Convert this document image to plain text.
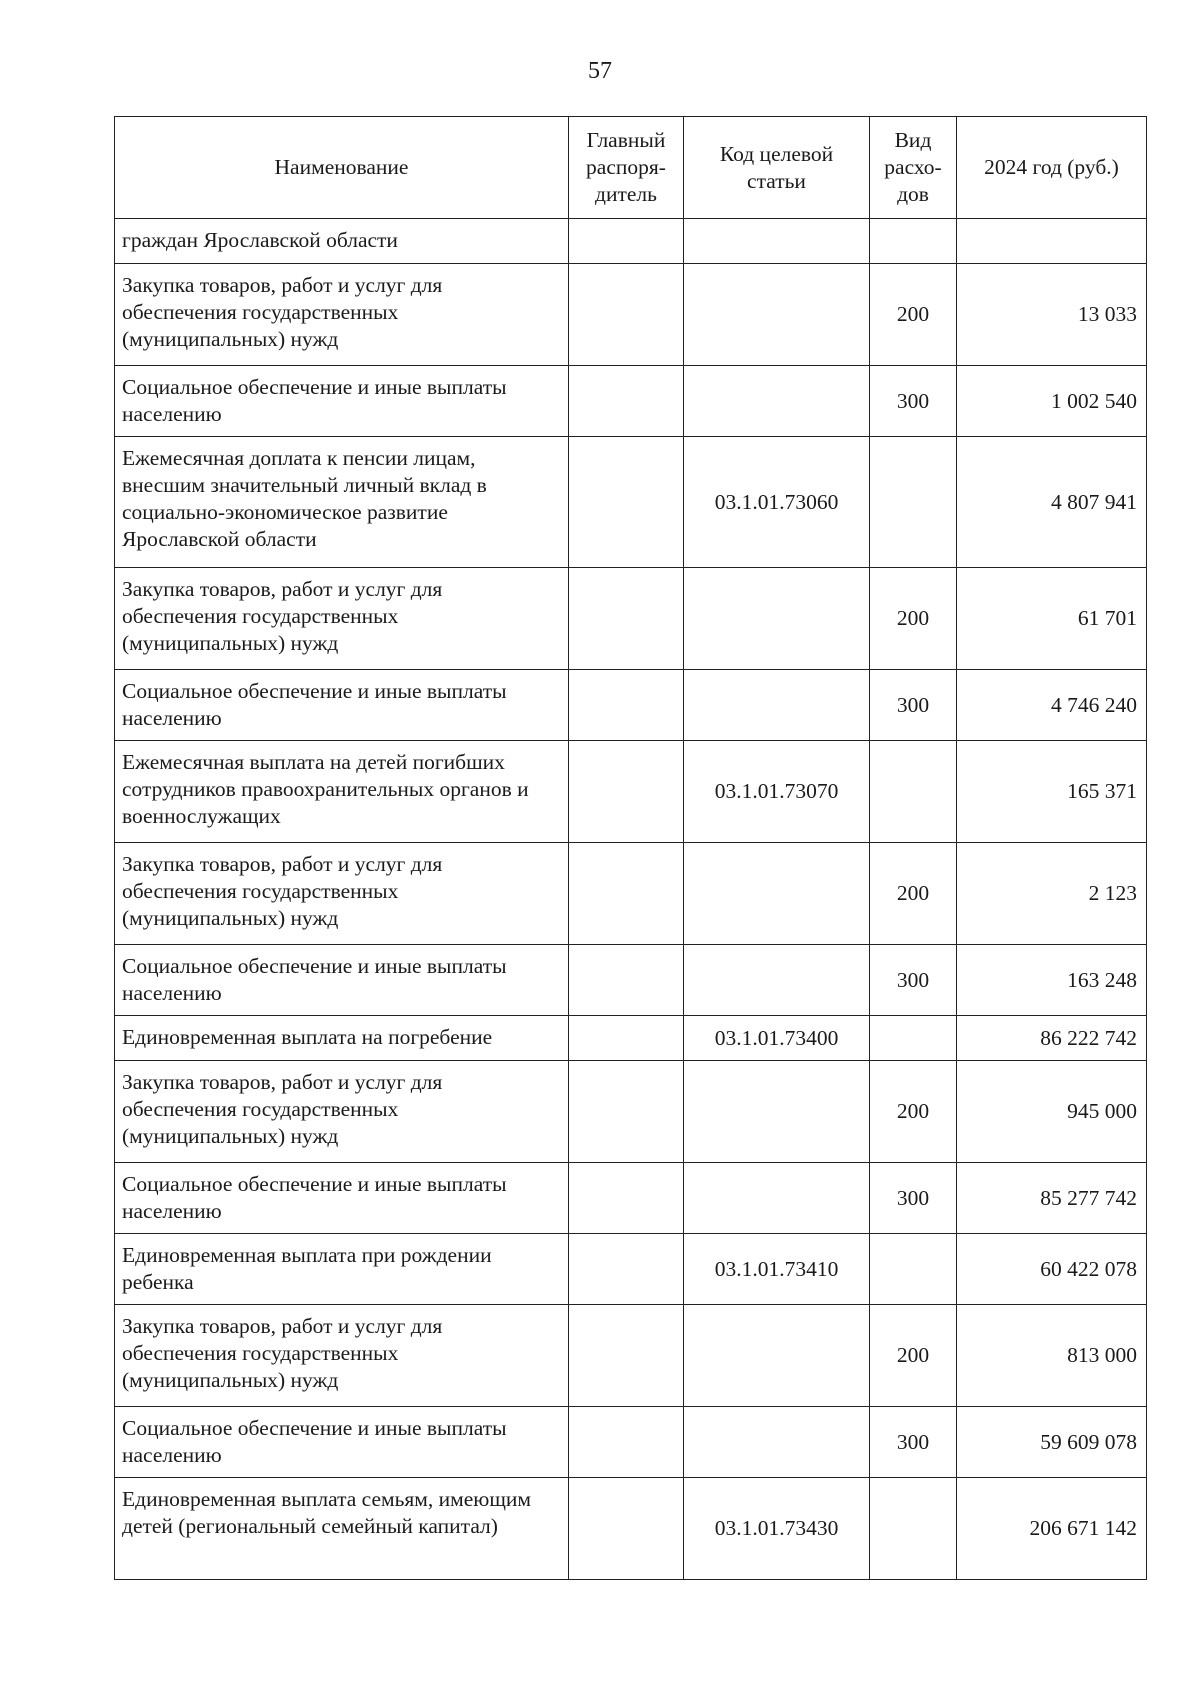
57
Наименование	Главный распоря-дитель	Код целевой статьи	Вид расхо-дов	2024 год (руб.)
граждан Ярославской области				
Закупка товаров, работ и услуг для обеспечения государственных (муниципальных) нужд			200	13 033
Социальное обеспечение и иные выплаты населению			300	1 002 540
Ежемесячная доплата к пенсии лицам, внесшим значительный личный вклад в социально-экономическое развитие Ярославской области		03.1.01.73060		4 807 941
Закупка товаров, работ и услуг для обеспечения государственных (муниципальных) нужд			200	61 701
Социальное обеспечение и иные выплаты населению			300	4 746 240
Ежемесячная выплата на детей погибших сотрудников правоохранительных органов и военнослужащих		03.1.01.73070		165 371
Закупка товаров, работ и услуг для обеспечения государственных (муниципальных) нужд			200	2 123
Социальное обеспечение и иные выплаты населению			300	163 248
Единовременная выплата на погребение		03.1.01.73400		86 222 742
Закупка товаров, работ и услуг для обеспечения государственных (муниципальных) нужд			200	945 000
Социальное обеспечение и иные выплаты населению			300	85 277 742
Единовременная выплата при рождении ребенка		03.1.01.73410		60 422 078
Закупка товаров, работ и услуг для обеспечения государственных (муниципальных) нужд			200	813 000
Социальное обеспечение и иные выплаты населению			300	59 609 078
Единовременная выплата семьям, имеющим детей (региональный семейный капитал)		03.1.01.73430		206 671 142
